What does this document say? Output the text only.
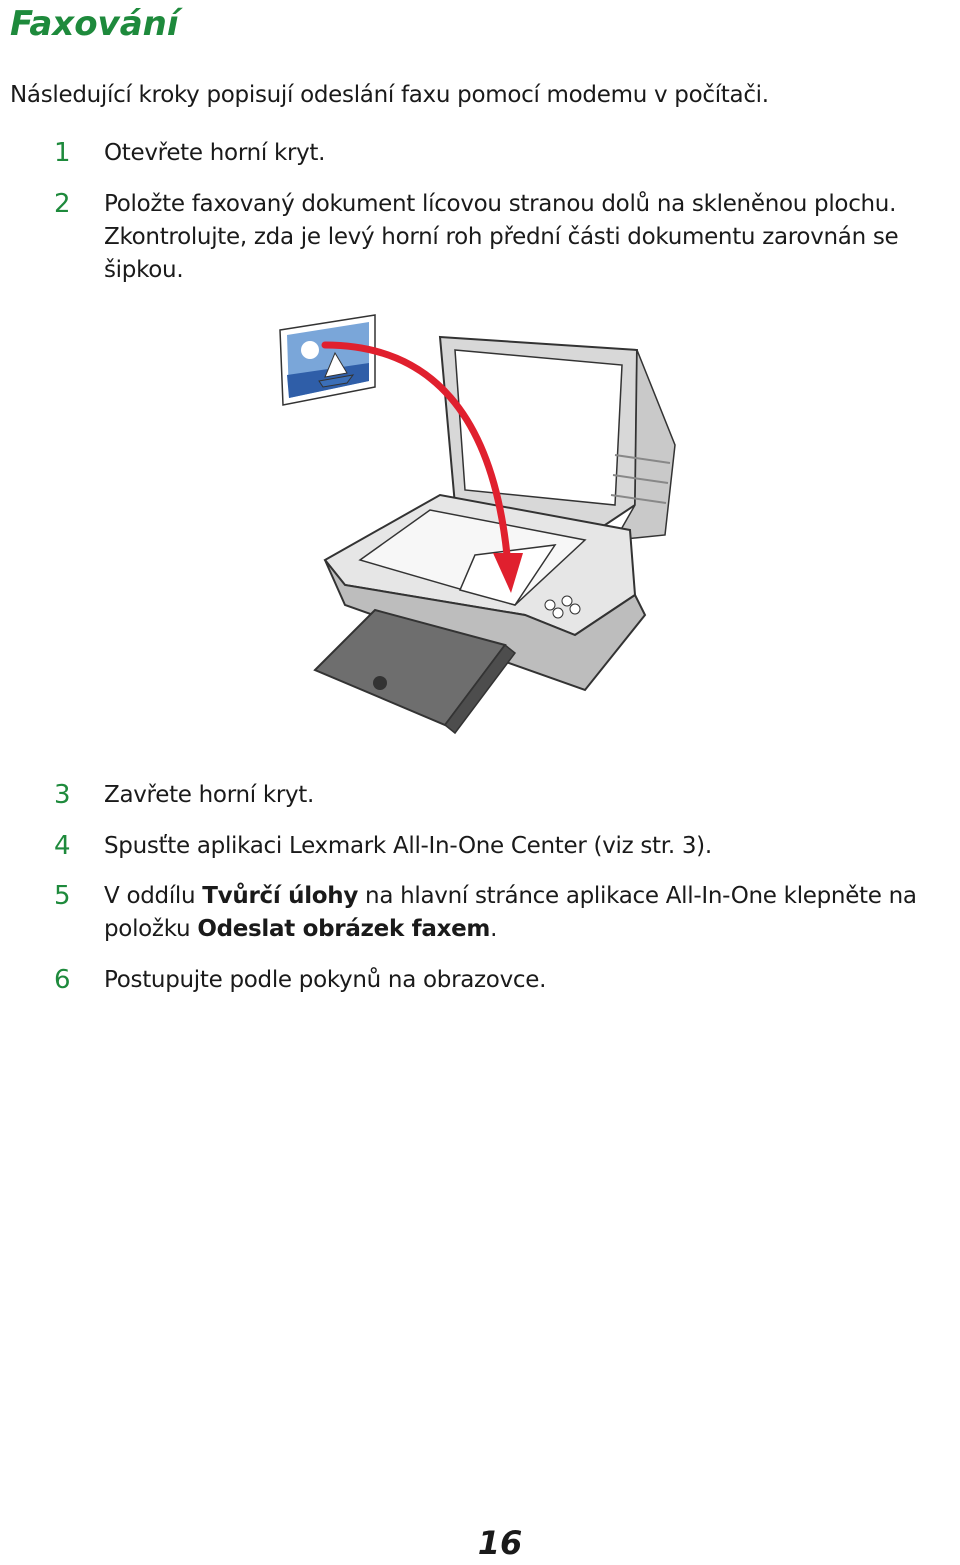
Faxování
Následující kroky popisují odeslání faxu pomocí modemu v počítači.
1	Otevřete horní kryt.
2	Položte faxovaný dokument lícovou stranou dolů na skleněnou plochu.
Zkontrolujte, zda je levý horní roh přední části dokumentu zarovnán se
šipkou.
3	Zavřete horní kryt.
4	Spusťte aplikaci Lexmark All-In-One Center (viz str. 3).
5	V oddílu Tvůrčí úlohy na hlavní stránce aplikace All-In-One klepněte na
položku Odeslat obrázek faxem.
6	Postupujte podle pokynů na obrazovce.
16
